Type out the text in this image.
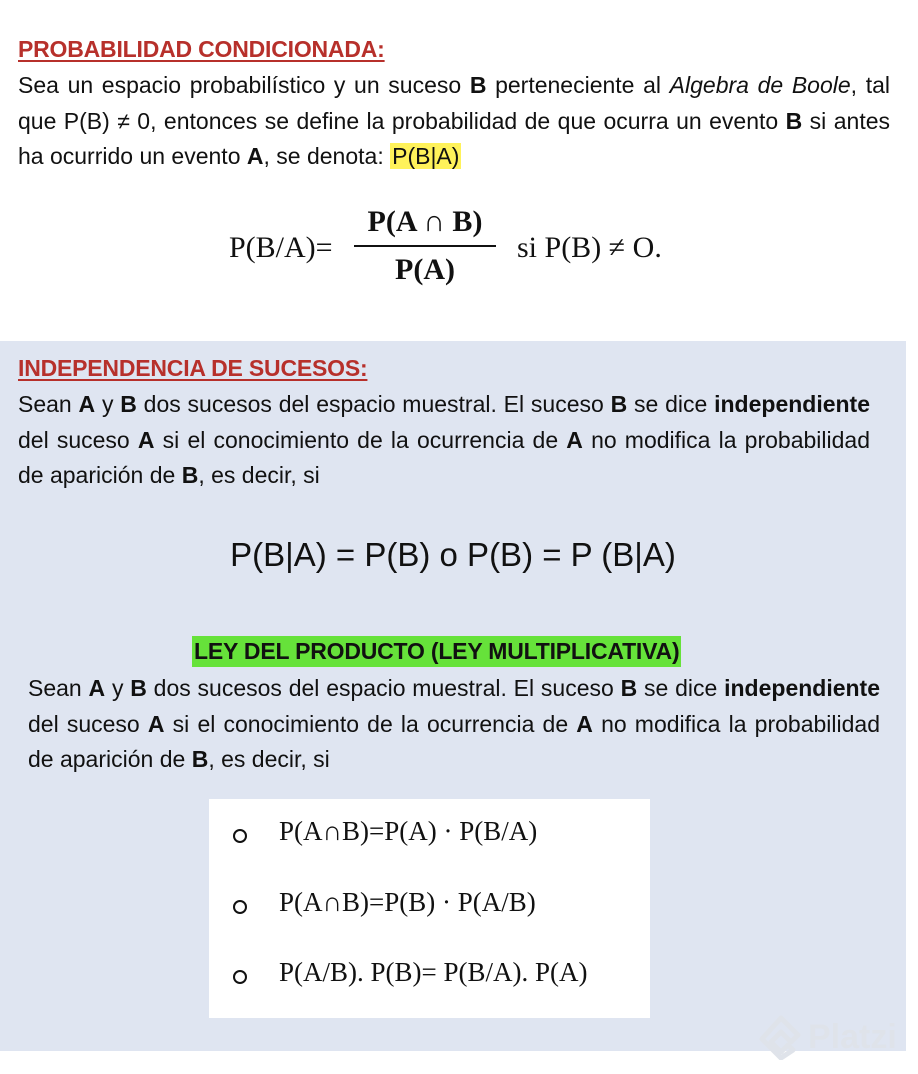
PROBABILIDAD CONDICIONADA:
Sea un espacio probabilístico y un suceso B perteneciente al Algebra de Boole, tal que P(B) ≠ 0, entonces se define la probabilidad de que ocurra un evento B si antes ha ocurrido un evento A, se denota: P(B|A)
P(B/A)=
P(A ∩ B)
P(A)
si P(B) ≠ O.
INDEPENDENCIA DE SUCESOS:
Sean A y B dos sucesos del espacio muestral. El suceso B se dice independiente del suceso A si el conocimiento de la ocurrencia de A no modifica la probabilidad de aparición de B, es decir, si
P(B|A) = P(B) o P(B) = P (B|A)
LEY DEL PRODUCTO (LEY MULTIPLICATIVA)
Sean A y B dos sucesos del espacio muestral. El suceso B se dice independiente del suceso A si el conocimiento de la ocurrencia de A no modifica la probabilidad de aparición de B, es decir, si
P(A∩B)=P(A) · P(B/A)
P(A∩B)=P(B) · P(A/B)
P(A/B). P(B)= P(B/A). P(A)
Platzi
